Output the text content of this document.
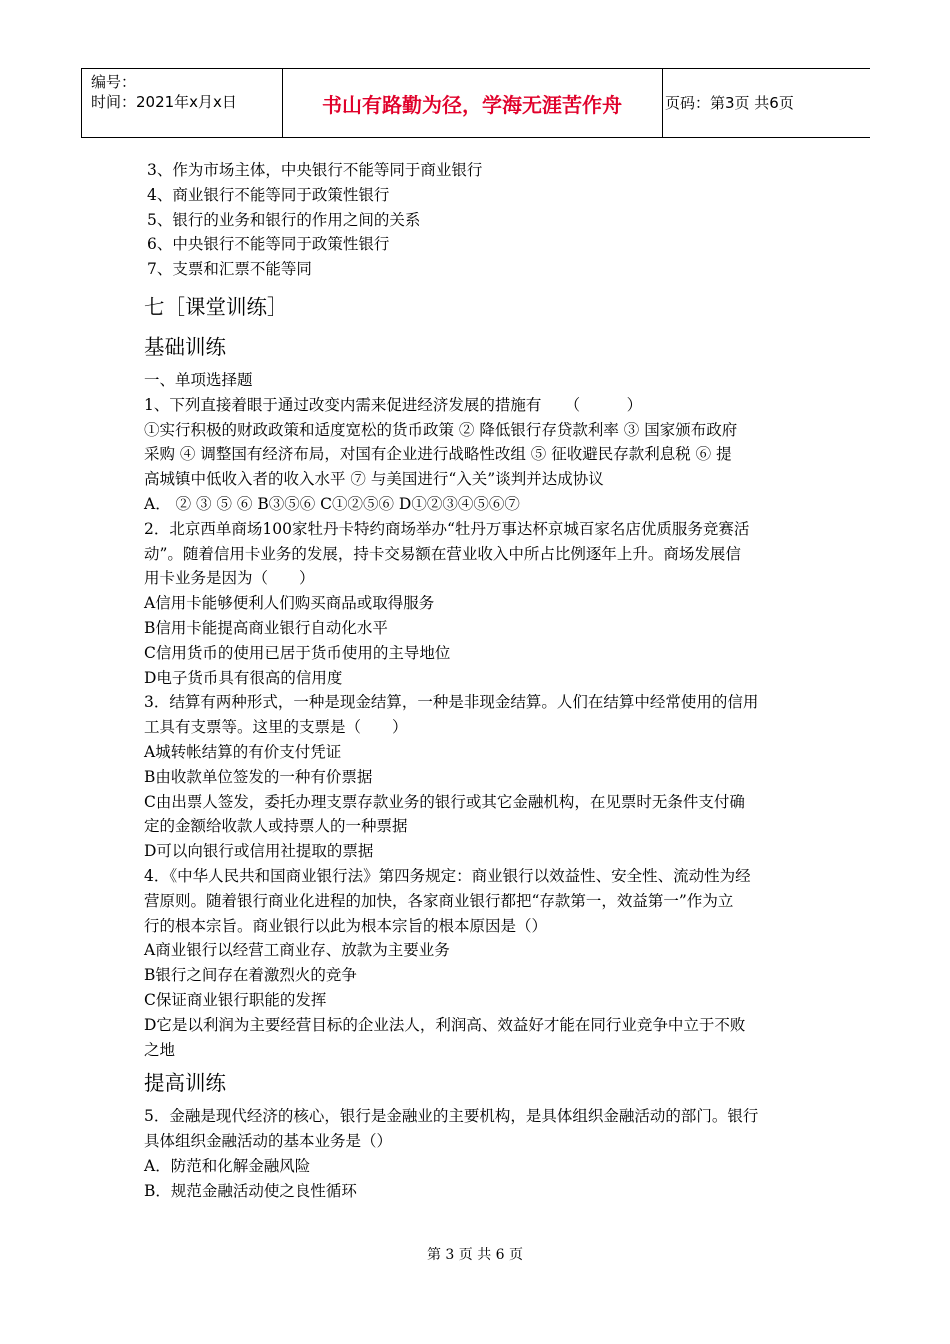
编号：
时间：2021年x月x日	书山有路勤为径，学海无涯苦作舟	页码：第3页 共6页
3、作为市场主体，中央银行不能等同于商业银行
4、商业银行不能等同于政策性银行
5、银行的业务和银行的作用之间的关系
6、中央银行不能等同于政策性银行
7、支票和汇票不能等同
七［课堂训练］
基础训练
一、单项选择题
1、下列直接着眼于通过改变内需来促进经济发展的措施有　　（　　　）
①实行积极的财政政策和适度宽松的货币政策 ② 降低银行存贷款利率 ③ 国家颁布政府
采购 ④ 调整国有经济布局，对国有企业进行战略性改组 ⑤ 征收避民存款利息税 ⑥ 提
高城镇中低收入者的收入水平 ⑦ 与美国进行“入关”谈判并达成协议
A． ② ③ ⑤ ⑥ B③⑤⑥ C①②⑤⑥ D①②③④⑤⑥⑦
2．北京西单商场100家牡丹卡特约商场举办“牡丹万事达杯京城百家名店优质服务竞赛活
动”。随着信用卡业务的发展，持卡交易额在营业收入中所占比例逐年上升。商场发展信
用卡业务是因为（　　）
A信用卡能够便利人们购买商品或取得服务
B信用卡能提高商业银行自动化水平
C信用货币的使用已居于货币使用的主导地位
D电子货币具有很高的信用度
3．结算有两种形式，一种是现金结算，一种是非现金结算。人们在结算中经常使用的信用
工具有支票等。这里的支票是（　　）
A城转帐结算的有价支付凭证
B由收款单位签发的一种有价票据
C由出票人签发，委托办理支票存款业务的银行或其它金融机构，在见票时无条件支付确
定的金额给收款人或持票人的一种票据
D可以向银行或信用社提取的票据
4．《中华人民共和国商业银行法》第四务规定：商业银行以效益性、安全性、流动性为经
营原则。随着银行商业化进程的加快，各家商业银行都把“存款第一，效益第一”作为立
行的根本宗旨。商业银行以此为根本宗旨的根本原因是（）
A商业银行以经营工商业存、放款为主要业务
B银行之间存在着激烈火的竞争
C保证商业银行职能的发挥
D它是以利润为主要经营目标的企业法人，利润高、效益好才能在同行业竞争中立于不败
之地
提高训练
5．金融是现代经济的核心，银行是金融业的主要机构，是具体组织金融活动的部门。银行
具体组织金融活动的基本业务是（）
A．防范和化解金融风险
B．规范金融活动使之良性循环
第 3 页 共 6 页
